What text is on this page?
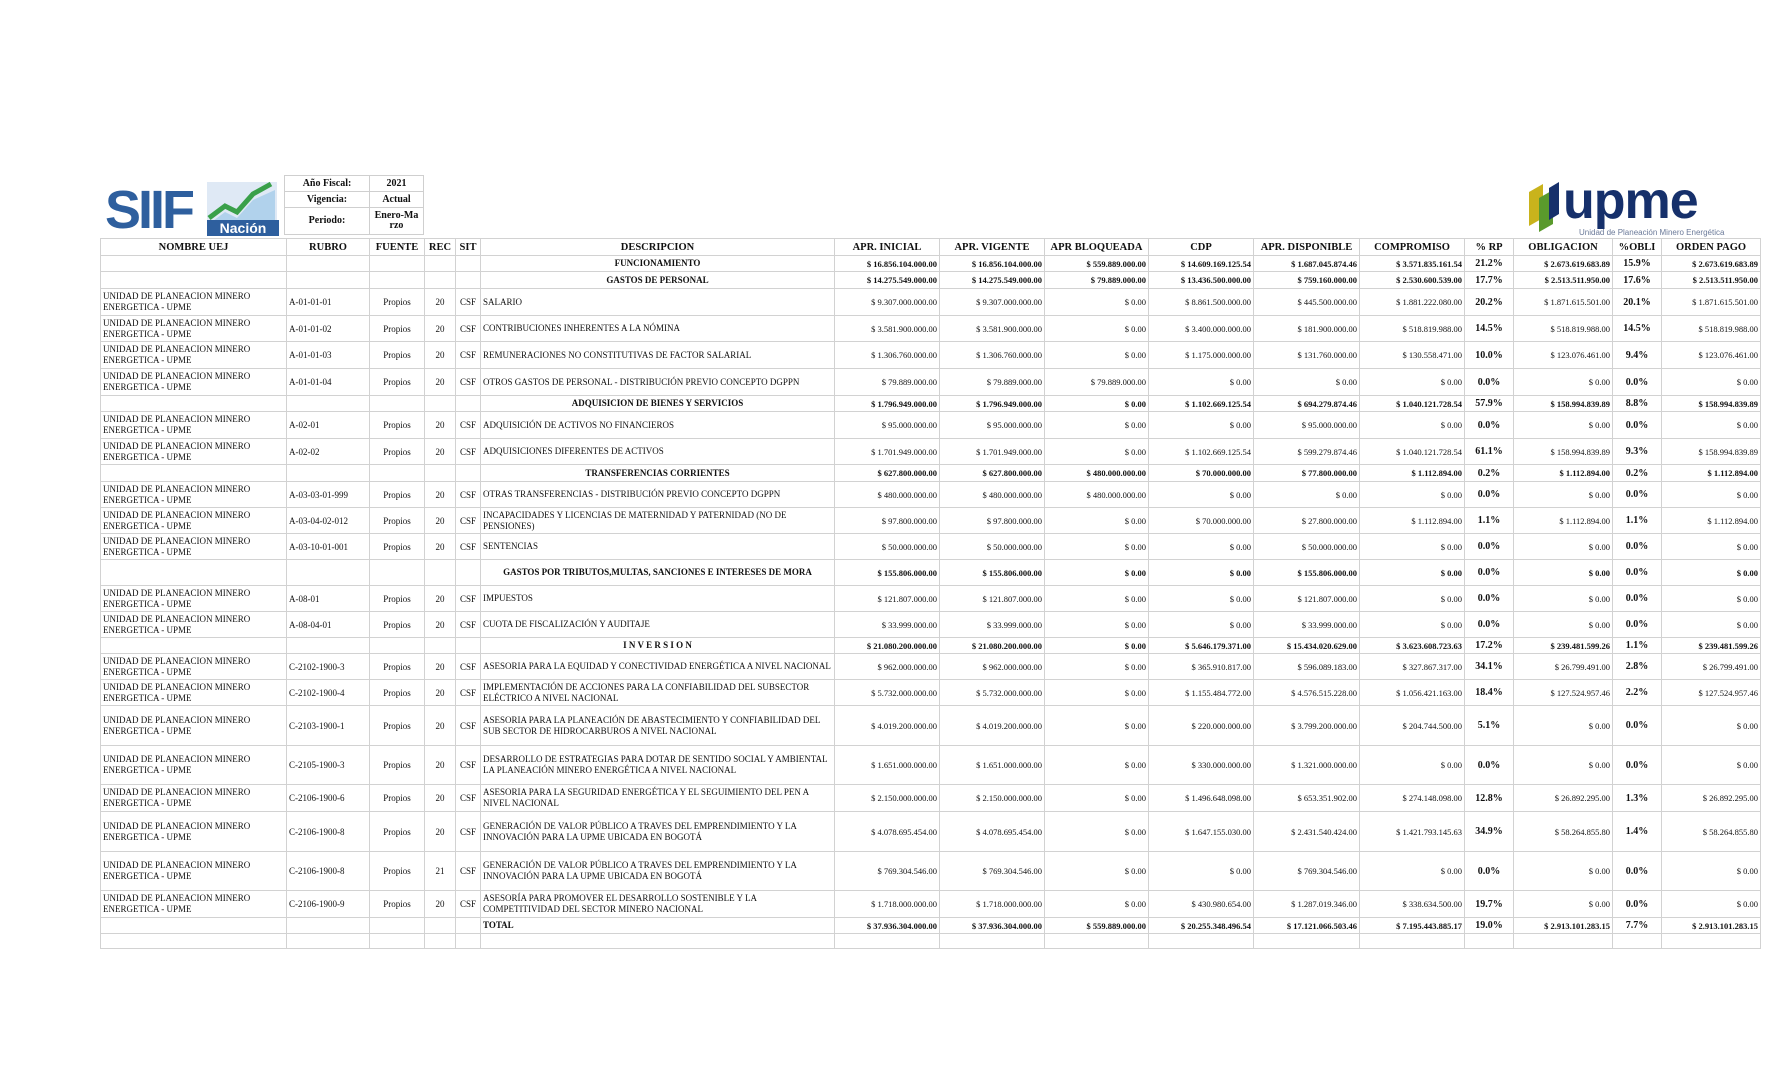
SIIF Nación
Año Fiscal:	2021
Vigencia:	Actual
Periodo:	Enero-Marzo	upme
Unidad de Planeación Minero Energética
NOMBRE UEJ	RUBRO	FUENTE	REC	SIT	DESCRIPCION	APR. INICIAL	APR. VIGENTE	APR BLOQUEADA	CDP	APR. DISPONIBLE	COMPROMISO	% RP	OBLIGACION	%OBLI	ORDEN PAGO
					FUNCIONAMIENTO	$ 16.856.104.000.00	$ 16.856.104.000.00	$ 559.889.000.00	$ 14.609.169.125.54	$ 1.687.045.874.46	$ 3.571.835.161.54	21.2%	$ 2.673.619.683.89	15.9%	$ 2.673.619.683.89
					GASTOS DE PERSONAL	$ 14.275.549.000.00	$ 14.275.549.000.00	$ 79.889.000.00	$ 13.436.500.000.00	$ 759.160.000.00	$ 2.530.600.539.00	17.7%	$ 2.513.511.950.00	17.6%	$ 2.513.511.950.00
UNIDAD DE PLANEACION MINERO ENERGETICA - UPME	A-01-01-01	Propios	20	CSF	SALARIO	$ 9.307.000.000.00	$ 9.307.000.000.00	$ 0.00	$ 8.861.500.000.00	$ 445.500.000.00	$ 1.881.222.080.00	20.2%	$ 1.871.615.501.00	20.1%	$ 1.871.615.501.00
UNIDAD DE PLANEACION MINERO ENERGETICA - UPME	A-01-01-02	Propios	20	CSF	CONTRIBUCIONES INHERENTES A LA NÓMINA	$ 3.581.900.000.00	$ 3.581.900.000.00	$ 0.00	$ 3.400.000.000.00	$ 181.900.000.00	$ 518.819.988.00	14.5%	$ 518.819.988.00	14.5%	$ 518.819.988.00
UNIDAD DE PLANEACION MINERO ENERGETICA - UPME	A-01-01-03	Propios	20	CSF	REMUNERACIONES NO CONSTITUTIVAS DE FACTOR SALARIAL	$ 1.306.760.000.00	$ 1.306.760.000.00	$ 0.00	$ 1.175.000.000.00	$ 131.760.000.00	$ 130.558.471.00	10.0%	$ 123.076.461.00	9.4%	$ 123.076.461.00
UNIDAD DE PLANEACION MINERO ENERGETICA - UPME	A-01-01-04	Propios	20	CSF	OTROS GASTOS DE PERSONAL - DISTRIBUCIÓN PREVIO CONCEPTO DGPPN	$ 79.889.000.00	$ 79.889.000.00	$ 79.889.000.00	$ 0.00	$ 0.00	$ 0.00	0.0%	$ 0.00	0.0%	$ 0.00
					ADQUISICION DE BIENES Y SERVICIOS	$ 1.796.949.000.00	$ 1.796.949.000.00	$ 0.00	$ 1.102.669.125.54	$ 694.279.874.46	$ 1.040.121.728.54	57.9%	$ 158.994.839.89	8.8%	$ 158.994.839.89
UNIDAD DE PLANEACION MINERO ENERGETICA - UPME	A-02-01	Propios	20	CSF	ADQUISICIÓN DE ACTIVOS NO FINANCIEROS	$ 95.000.000.00	$ 95.000.000.00	$ 0.00	$ 0.00	$ 95.000.000.00	$ 0.00	0.0%	$ 0.00	0.0%	$ 0.00
UNIDAD DE PLANEACION MINERO ENERGETICA - UPME	A-02-02	Propios	20	CSF	ADQUISICIONES DIFERENTES DE ACTIVOS	$ 1.701.949.000.00	$ 1.701.949.000.00	$ 0.00	$ 1.102.669.125.54	$ 599.279.874.46	$ 1.040.121.728.54	61.1%	$ 158.994.839.89	9.3%	$ 158.994.839.89
					TRANSFERENCIAS CORRIENTES	$ 627.800.000.00	$ 627.800.000.00	$ 480.000.000.00	$ 70.000.000.00	$ 77.800.000.00	$ 1.112.894.00	0.2%	$ 1.112.894.00	0.2%	$ 1.112.894.00
UNIDAD DE PLANEACION MINERO ENERGETICA - UPME	A-03-03-01-999	Propios	20	CSF	OTRAS TRANSFERENCIAS - DISTRIBUCIÓN PREVIO CONCEPTO DGPPN	$ 480.000.000.00	$ 480.000.000.00	$ 480.000.000.00	$ 0.00	$ 0.00	$ 0.00	0.0%	$ 0.00	0.0%	$ 0.00
UNIDAD DE PLANEACION MINERO ENERGETICA - UPME	A-03-04-02-012	Propios	20	CSF	INCAPACIDADES Y LICENCIAS DE MATERNIDAD Y PATERNIDAD (NO DE PENSIONES)	$ 97.800.000.00	$ 97.800.000.00	$ 0.00	$ 70.000.000.00	$ 27.800.000.00	$ 1.112.894.00	1.1%	$ 1.112.894.00	1.1%	$ 1.112.894.00
UNIDAD DE PLANEACION MINERO ENERGETICA - UPME	A-03-10-01-001	Propios	20	CSF	SENTENCIAS	$ 50.000.000.00	$ 50.000.000.00	$ 0.00	$ 0.00	$ 50.000.000.00	$ 0.00	0.0%	$ 0.00	0.0%	$ 0.00
					GASTOS POR TRIBUTOS,MULTAS, SANCIONES E INTERESES DE MORA	$ 155.806.000.00	$ 155.806.000.00	$ 0.00	$ 0.00	$ 155.806.000.00	$ 0.00	0.0%	$ 0.00	0.0%	$ 0.00
UNIDAD DE PLANEACION MINERO ENERGETICA - UPME	A-08-01	Propios	20	CSF	IMPUESTOS	$ 121.807.000.00	$ 121.807.000.00	$ 0.00	$ 0.00	$ 121.807.000.00	$ 0.00	0.0%	$ 0.00	0.0%	$ 0.00
UNIDAD DE PLANEACION MINERO ENERGETICA - UPME	A-08-04-01	Propios	20	CSF	CUOTA DE FISCALIZACIÓN Y AUDITAJE	$ 33.999.000.00	$ 33.999.000.00	$ 0.00	$ 0.00	$ 33.999.000.00	$ 0.00	0.0%	$ 0.00	0.0%	$ 0.00
					I N V E R S I O N	$ 21.080.200.000.00	$ 21.080.200.000.00	$ 0.00	$ 5.646.179.371.00	$ 15.434.020.629.00	$ 3.623.608.723.63	17.2%	$ 239.481.599.26	1.1%	$ 239.481.599.26
UNIDAD DE PLANEACION MINERO ENERGETICA - UPME	C-2102-1900-3	Propios	20	CSF	ASESORIA PARA LA EQUIDAD Y CONECTIVIDAD ENERGÉTICA A NIVEL NACIONAL	$ 962.000.000.00	$ 962.000.000.00	$ 0.00	$ 365.910.817.00	$ 596.089.183.00	$ 327.867.317.00	34.1%	$ 26.799.491.00	2.8%	$ 26.799.491.00
UNIDAD DE PLANEACION MINERO ENERGETICA - UPME	C-2102-1900-4	Propios	20	CSF	IMPLEMENTACIÓN DE ACCIONES PARA LA CONFIABILIDAD DEL SUBSECTOR ELÉCTRICO A NIVEL NACIONAL	$ 5.732.000.000.00	$ 5.732.000.000.00	$ 0.00	$ 1.155.484.772.00	$ 4.576.515.228.00	$ 1.056.421.163.00	18.4%	$ 127.524.957.46	2.2%	$ 127.524.957.46
UNIDAD DE PLANEACION MINERO ENERGETICA - UPME	C-2103-1900-1	Propios	20	CSF	ASESORIA PARA LA PLANEACIÓN DE ABASTECIMIENTO Y CONFIABILIDAD DEL SUB SECTOR DE HIDROCARBUROS A NIVEL NACIONAL	$ 4.019.200.000.00	$ 4.019.200.000.00	$ 0.00	$ 220.000.000.00	$ 3.799.200.000.00	$ 204.744.500.00	5.1%	$ 0.00	0.0%	$ 0.00
UNIDAD DE PLANEACION MINERO ENERGETICA - UPME	C-2105-1900-3	Propios	20	CSF	DESARROLLO DE ESTRATEGIAS PARA DOTAR DE SENTIDO SOCIAL Y AMBIENTAL LA PLANEACIÓN MINERO ENERGÉTICA A NIVEL NACIONAL	$ 1.651.000.000.00	$ 1.651.000.000.00	$ 0.00	$ 330.000.000.00	$ 1.321.000.000.00	$ 0.00	0.0%	$ 0.00	0.0%	$ 0.00
UNIDAD DE PLANEACION MINERO ENERGETICA - UPME	C-2106-1900-6	Propios	20	CSF	ASESORIA PARA LA SEGURIDAD ENERGÉTICA Y EL SEGUIMIENTO DEL PEN A NIVEL NACIONAL	$ 2.150.000.000.00	$ 2.150.000.000.00	$ 0.00	$ 1.496.648.098.00	$ 653.351.902.00	$ 274.148.098.00	12.8%	$ 26.892.295.00	1.3%	$ 26.892.295.00
UNIDAD DE PLANEACION MINERO ENERGETICA - UPME	C-2106-1900-8	Propios	20	CSF	GENERACIÓN DE VALOR PÚBLICO A TRAVES DEL EMPRENDIMIENTO Y LA INNOVACIÓN PARA LA UPME UBICADA EN BOGOTÁ	$ 4.078.695.454.00	$ 4.078.695.454.00	$ 0.00	$ 1.647.155.030.00	$ 2.431.540.424.00	$ 1.421.793.145.63	34.9%	$ 58.264.855.80	1.4%	$ 58.264.855.80
UNIDAD DE PLANEACION MINERO ENERGETICA - UPME	C-2106-1900-8	Propios	21	CSF	GENERACIÓN DE VALOR PÚBLICO A TRAVES DEL EMPRENDIMIENTO Y LA INNOVACIÓN PARA LA UPME UBICADA EN BOGOTÁ	$ 769.304.546.00	$ 769.304.546.00	$ 0.00	$ 0.00	$ 769.304.546.00	$ 0.00	0.0%	$ 0.00	0.0%	$ 0.00
UNIDAD DE PLANEACION MINERO ENERGETICA - UPME	C-2106-1900-9	Propios	20	CSF	ASESORÍA PARA PROMOVER EL DESARROLLO SOSTENIBLE Y LA COMPETITIVIDAD DEL SECTOR MINERO NACIONAL	$ 1.718.000.000.00	$ 1.718.000.000.00	$ 0.00	$ 430.980.654.00	$ 1.287.019.346.00	$ 338.634.500.00	19.7%	$ 0.00	0.0%	$ 0.00
					TOTAL	$ 37.936.304.000.00	$ 37.936.304.000.00	$ 559.889.000.00	$ 20.255.348.496.54	$ 17.121.066.503.46	$ 7.195.443.885.17	19.0%	$ 2.913.101.283.15	7.7%	$ 2.913.101.283.15
